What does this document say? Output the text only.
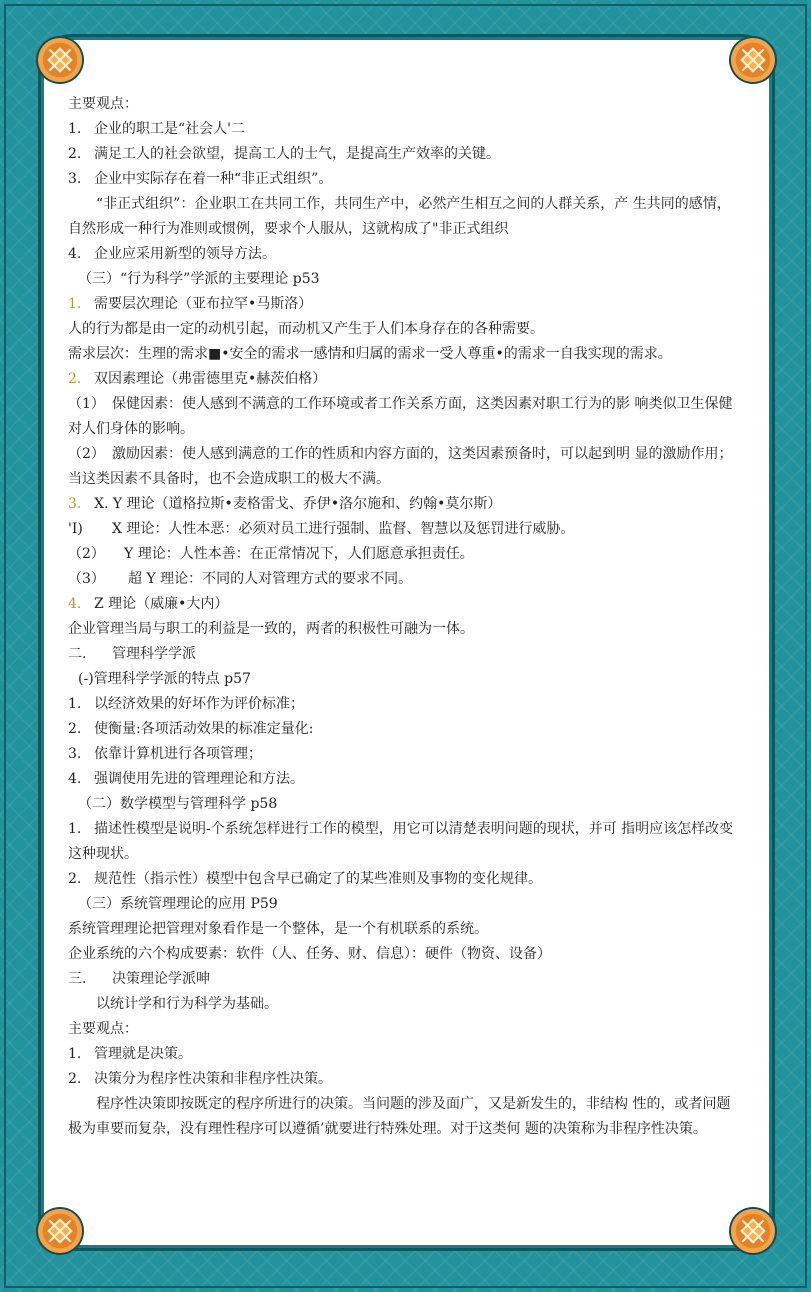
主要观点：
1. 企业的职工是“社会人'二
2. 满足工人的社会欲望，提高工人的士气，是提高生产效率的关键。
3. 企业中实际存在着一种“非正式组织”。
“非正式组织”：企业职工在共同工作，共同生产中，必然产生相互之间的人群关系，产 生共同的感情，自然形成一种行为准则或惯例，要求个人服从，这就构成了"非正式组织
4. 企业应采用新型的领导方法。
（三）“行为科学”学派的主要理论 p53
1. 需要层次理论（亚布拉罕•马斯洛）
人的行为都是由一定的动机引起，而动机又产生于人们本身存在的各种需要。
需求层次：生理的需求■•安全的需求一感情和归属的需求一受人尊重•的需求一自我实现的需求。
2. 双因素理论（弗雷德里克•赫茨伯格）
（1） 保健因素：使人感到不满意的工作环境或者工作关系方面，这类因素对职工行为的影 响类似卫生保健对人们身体的影响。
（2） 激励因素：使人感到满意的工作的性质和内容方面的，这类因素预备时，可以起到明 显的激励作用；当这类因素不具备时，也不会造成职工的极大不满。
3. X. Y 理论（道格拉斯•麦格雷戈、乔伊•洛尔施和、约翰•莫尔斯）
'I) X 理论：人性本恶：必须对员工进行强制、监督、智慧以及惩罚进行威胁。
（2） Y 理论：人性本善：在正常情况下，人们愿意承担责任。
（3） 超 Y 理论：不同的人对管理方式的要求不同。
4. Z 理论（威廉•大内）
企业管理当局与职工的利益是一致的，两者的积极性可融为一体。
二. 管理科学学派
(-)管理科学学派的特点 p57
1. 以经济效果的好坏作为评价标准；
2. 使衡量:各项活动效果的标准定量化:
3. 依靠计算机进行各项管理；
4. 强调使用先进的管理理论和方法。
（二）数学模型与管理科学 p58
1. 描述性模型是说明-个系统怎样进行工作的模型，用它可以清楚表明问题的现状，并可 指明应该怎样改变这种现状。
2. 规范性（指示性）模型中包含早已确定了的某些准则及事物的变化规律。
（三）系统管理理论的应用 P59
系统管理理论把管理对象看作是一个整体，是一个有机联系的系统。
企业系统的六个构成要素：软件（人、任务、财、信息）：硬件（物资、设备）
三. 决策理论学派呻
以统计学和行为科学为基础。
主要观点：
1. 管理就是决策。
2. 决策分为程序性决策和非程序性决策。
程序性决策即按既定的程序所进行的决策。当问题的涉及面广，又是新发生的，非结构 性的，或者问题极为車要而复杂，没有理性程序可以遵循’就要进行特殊处理。对于这类何 题的决策称为非程序性决策。
